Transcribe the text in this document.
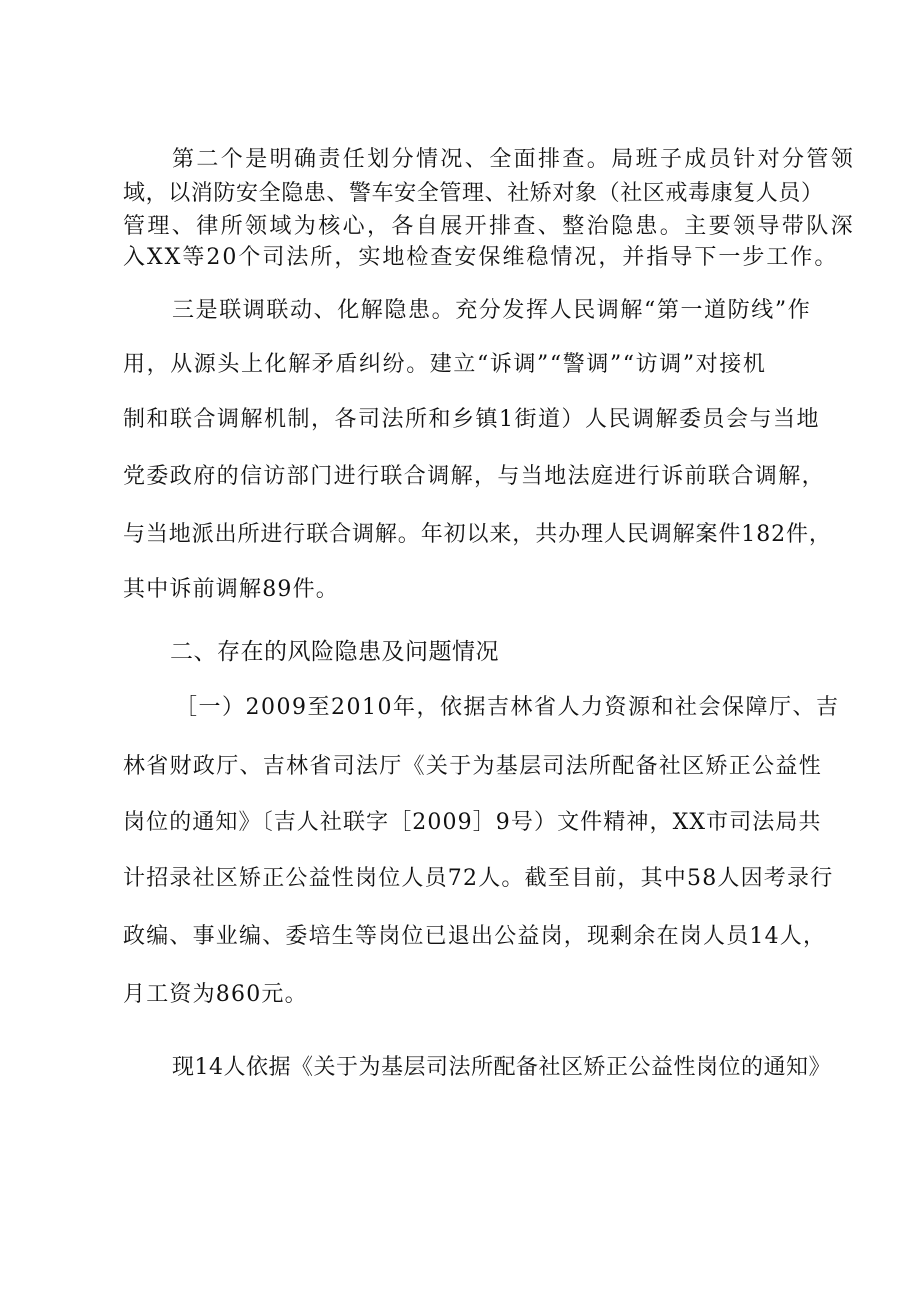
第二个是明确责任划分情况、全面排查。局班子成员针对分管领
域，以消防安全隐患、警车安全管理、社矫对象（社区戒毒康复人员）
管理、律所领域为核心，各自展开排查、整治隐患。主要领导带队深
入XX等20个司法所，实地检查安保维稳情况，并指导下一步工作。
三是联调联动、化解隐患。充分发挥人民调解“第一道防线”作
用，从源头上化解矛盾纠纷。建立“诉调”“警调”“访调”对接机
制和联合调解机制，各司法所和乡镇1街道）人民调解委员会与当地
党委政府的信访部门进行联合调解，与当地法庭进行诉前联合调解，
与当地派出所进行联合调解。年初以来，共办理人民调解案件182件，
其中诉前调解89件。
二、存在的风险隐患及问题情况
［一）2009至2010年，依据吉林省人力资源和社会保障厅、吉
林省财政厅、吉林省司法厅《关于为基层司法所配备社区矫正公益性
岗位的通知》〔吉人社联字［2009］9号）文件精神，XX市司法局共
计招录社区矫正公益性岗位人员72人。截至目前，其中58人因考录行
政编、事业编、委培生等岗位已退出公益岗，现剩余在岗人员14人，
月工资为860元。
现14人依据《关于为基层司法所配备社区矫正公益性岗位的通知》
